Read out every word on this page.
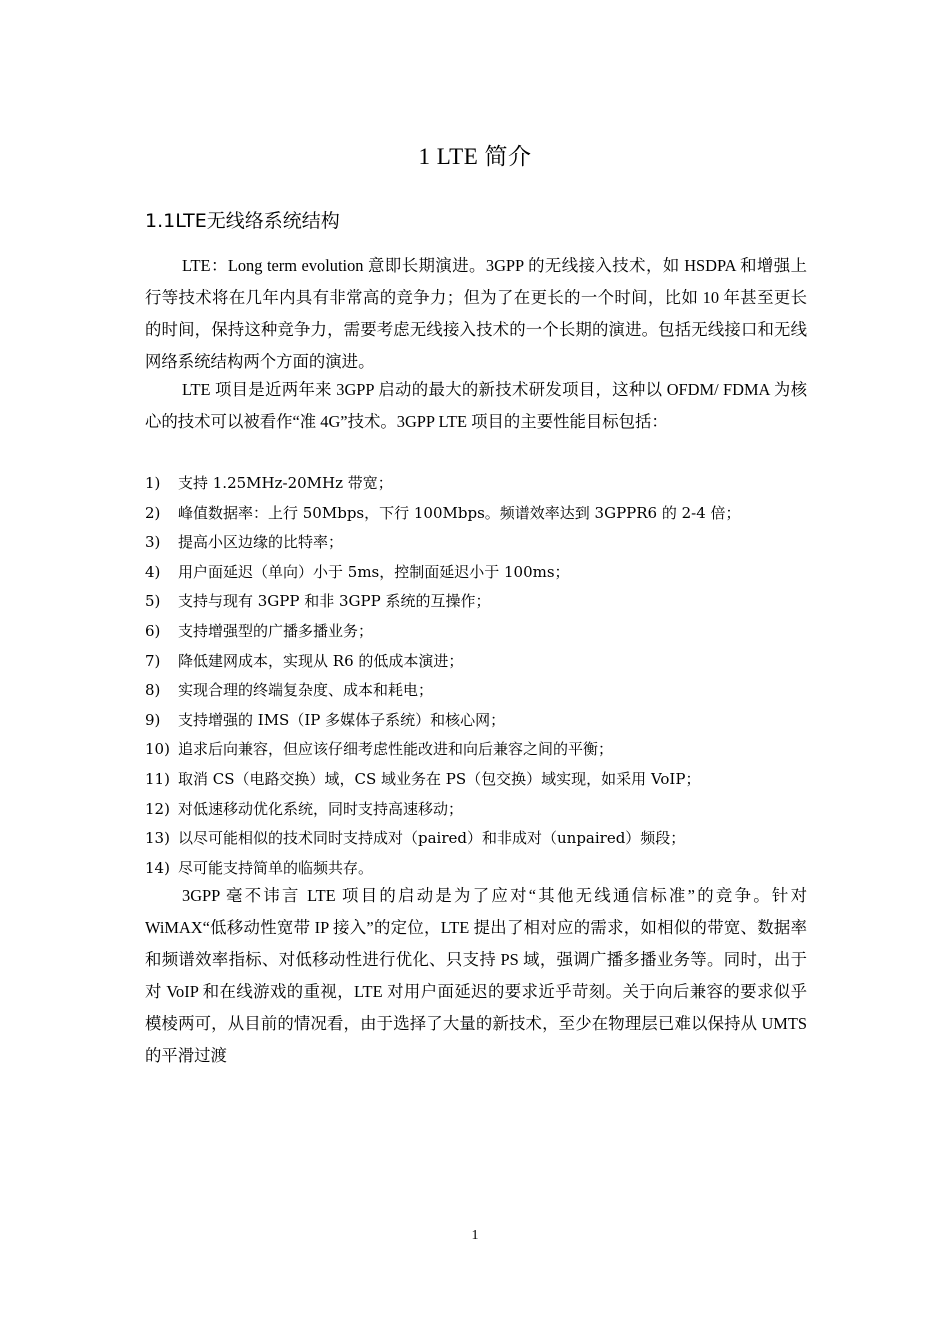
1 LTE 简介
1.1LTE无线络系统结构

LTE：Long term evolution 意即长期演进。3GPP 的无线接入技术，如 HSDPA 和增强上行等技术将在几年内具有非常高的竞争力；但为了在更长的一个时间，比如 10 年甚至更长的时间，保持这种竞争力，需要考虑无线接入技术的一个长期的演进。包括无线接口和无线网络系统结构两个方面的演进。

LTE 项目是近两年来 3GPP 启动的最大的新技术研发项目，这种以 OFDM/ FDMA 为核心的技术可以被看作“准 4G”技术。3GPP LTE 项目的主要性能目标包括：

1)	支持 1.25MHz-20MHz 带宽；
2)	峰值数据率：上行 50Mbps，下行 100Mbps。频谱效率达到 3GPPR6 的 2-4 倍；
3)	提高小区边缘的比特率；
4)	用户面延迟（单向）小于 5ms，控制面延迟小于 100ms；
5)	支持与现有 3GPP 和非 3GPP 系统的互操作；
6)	支持增强型的广播多播业务；
7)	降低建网成本，实现从 R6 的低成本演进；
8)	实现合理的终端复杂度、成本和耗电；
9)	支持增强的 IMS（IP 多媒体子系统）和核心网；
10) 追求后向兼容，但应该仔细考虑性能改进和向后兼容之间的平衡；
11) 取消 CS（电路交换）域，CS 域业务在 PS（包交换）域实现，如采用 VoIP；
12) 对低速移动优化系统，同时支持高速移动；
13) 以尽可能相似的技术同时支持成对（paired）和非成对（unpaired）频段；
14) 尽可能支持简单的临频共存。

3GPP 毫不讳言 LTE 项目的启动是为了应对“其他无线通信标准”的竞争。针对 WiMAX“低移动性宽带 IP 接入”的定位，LTE 提出了相对应的需求，如相似的带宽、数据率和频谱效率指标、对低移动性进行优化、只支持 PS 域，强调广播多播业务等。同时，出于对 VoIP 和在线游戏的重视，LTE 对用户面延迟的要求近乎苛刻。关于向后兼容的要求似乎模棱两可，从目前的情况看，由于选择了大量的新技术，至少在物理层已难以保持从 UMTS 的平滑过渡

1
